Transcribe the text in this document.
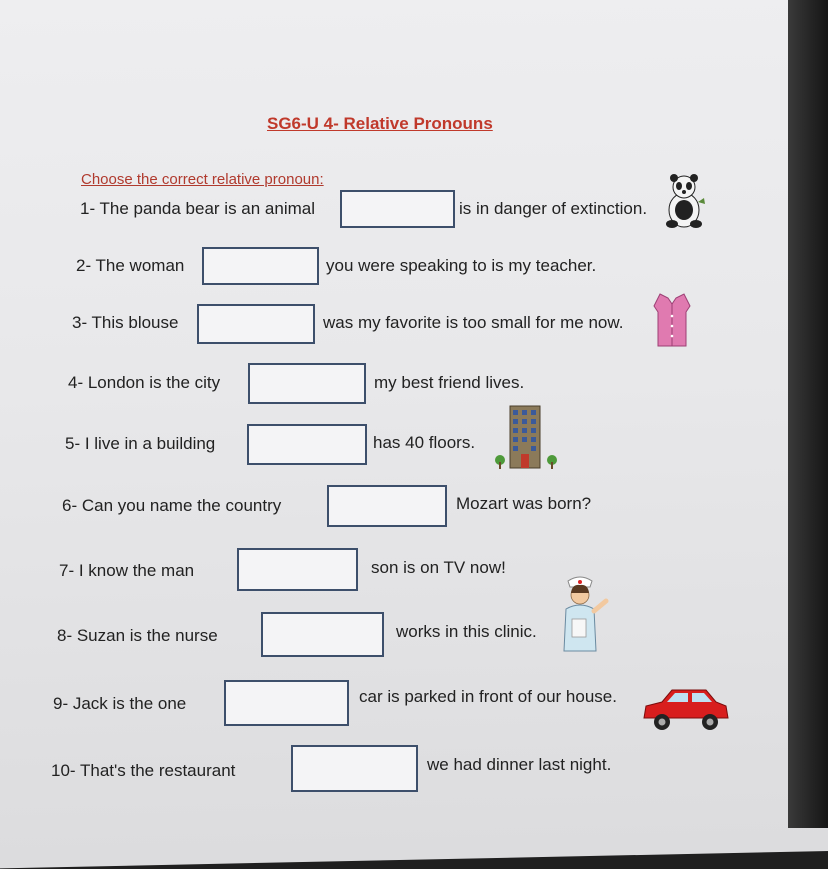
SG6-U 4- Relative Pronouns
Choose the correct relative pronoun:
1- The panda bear is an animal	is in danger of extinction.
2- The woman	you were speaking to is my teacher.
3- This blouse	was my favorite is too small for me now.
4- London is the city	my best friend lives.
5- I live in a building	has 40 floors.
6- Can you name the country	Mozart was born?
7- I know the man	son is on TV now!
8- Suzan is the nurse	works in this clinic.
9- Jack is the one	car is parked in front of our house.
10- That's the restaurant	we had dinner last night.
